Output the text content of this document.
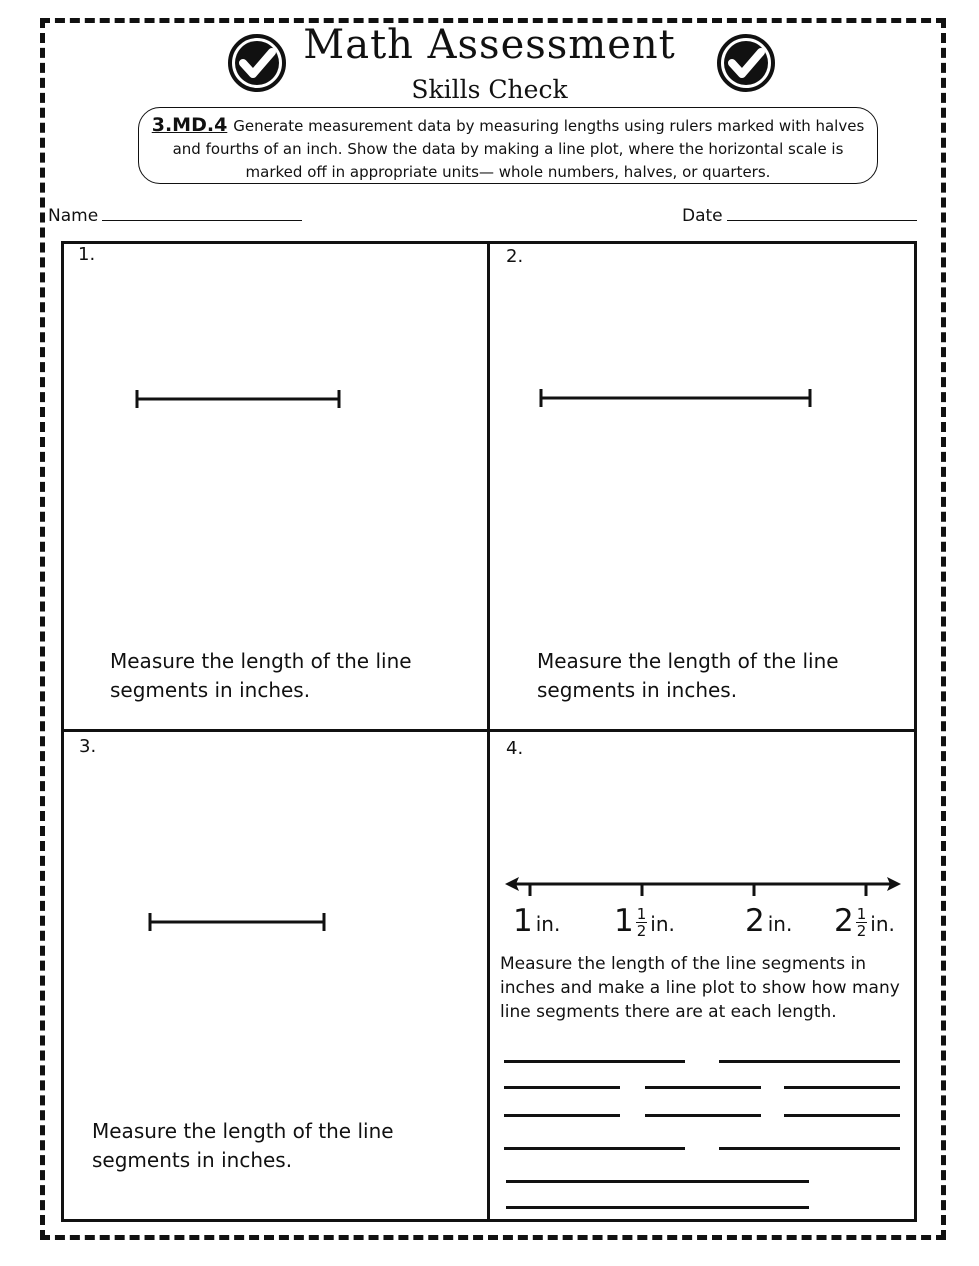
Math Assessment
Skills Check
3.MD.4 Generate measurement data by measuring lengths using rulers marked with halves and fourths of an inch. Show the data by making a line plot, where the horizontal scale is marked off in appropriate units— whole numbers, halves, or quarters.
Name	Date
1.
Measure the length of the line
segments in inches.
2.
Measure the length of the line
segments in inches.
3.
Measure the length of the line
segments in inches.
4.
1 in. $1 \frac{1}{2}$ in. 2 in. $2 \frac{1}{2}$ in.
Measure the length of the line segments in inches and make a line plot to show how many line segments there are at each length.
